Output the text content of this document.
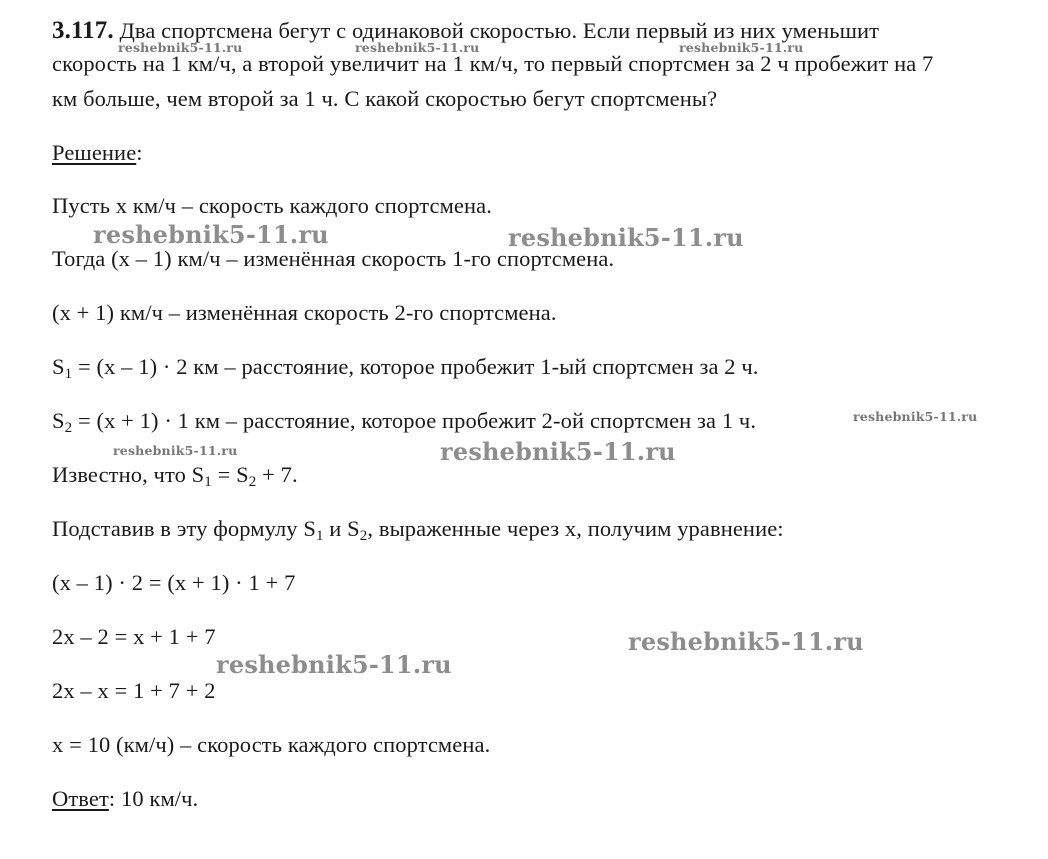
3.117. Два спортсмена бегут с одинаковой скоростью. Если первый из них уменьшит
скорость на 1 км/ч, а второй увеличит на 1 км/ч, то первый спортсмен за 2 ч пробежит на 7
км больше, чем второй за 1 ч. С какой скоростью бегут спортсмены?
Решение:
Пусть x км/ч – скорость каждого спортсмена.
Тогда (x – 1) км/ч – изменённая скорость 1-го спортсмена.
(x + 1) км/ч – изменённая скорость 2-го спортсмена.
$S_1 = (x - 1) \cdot 2$ км – расстояние, которое пробежит 1-ый спортсмен за 2 ч.
$S_2 = (x + 1) \cdot 1$ км – расстояние, которое пробежит 2-ой спортсмен за 1 ч.
Известно, что $S_1 = S_2 + 7$.
Подставив в эту формулу $S_1$ и $S_2$, выраженные через x, получим уравнение:
(x – 1) · 2 = (x + 1) · 1 + 7
2x – 2 = x + 1 + 7
2x – x = 1 + 7 + 2
x = 10 (км/ч) – скорость каждого спортсмена.
Ответ: 10 км/ч.
reshebnik5-11.ru	reshebnik5-11.ru	reshebnik5-11.ru
reshebnik5-11.ru	reshebnik5-11.ru
reshebnik5-11.ru
reshebnik5-11.ru	reshebnik5-11.ru
reshebnik5-11.ru
reshebnik5-11.ru
